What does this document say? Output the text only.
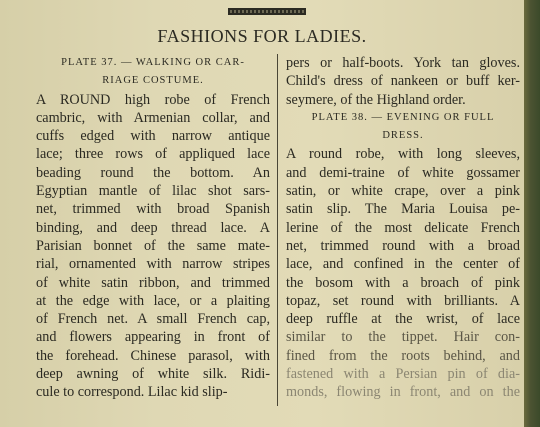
FASHIONS FOR LADIES.
PLATE 37. — WALKING OR CAR-
RIAGE COSTUME.
A ROUND high robe of French
cambric, with Armenian collar, and
cuffs edged with narrow antique
lace; three rows of appliqued lace
beading round the bottom. An
Egyptian mantle of lilac shot sars-
net, trimmed with broad Spanish
binding, and deep thread lace. A
Parisian bonnet of the same mate-
rial, ornamented with narrow stripes
of white satin ribbon, and trimmed
at the edge with lace, or a plaiting
of French net. A small French cap,
and flowers appearing in front of
the forehead. Chinese parasol, with
deep awning of white silk. Ridi-
cule to correspond. Lilac kid slip-
pers or half-boots. York tan gloves.
Child's dress of nankeen or buff ker-
seymere, of the Highland order.
PLATE 38. — EVENING OR FULL
DRESS.
A round robe, with long sleeves,
and demi-traine of white gossamer
satin, or white crape, over a pink
satin slip. The Maria Louisa pe-
lerine of the most delicate French
net, trimmed round with a broad
lace, and confined in the center of
the bosom with a broach of pink
topaz, set round with brilliants. A
deep ruffle at the wrist, of lace
similar to the tippet. Hair con-
fined from the roots behind, and
fastened with a Persian pin of dia-
monds, flowing in front, and on the
